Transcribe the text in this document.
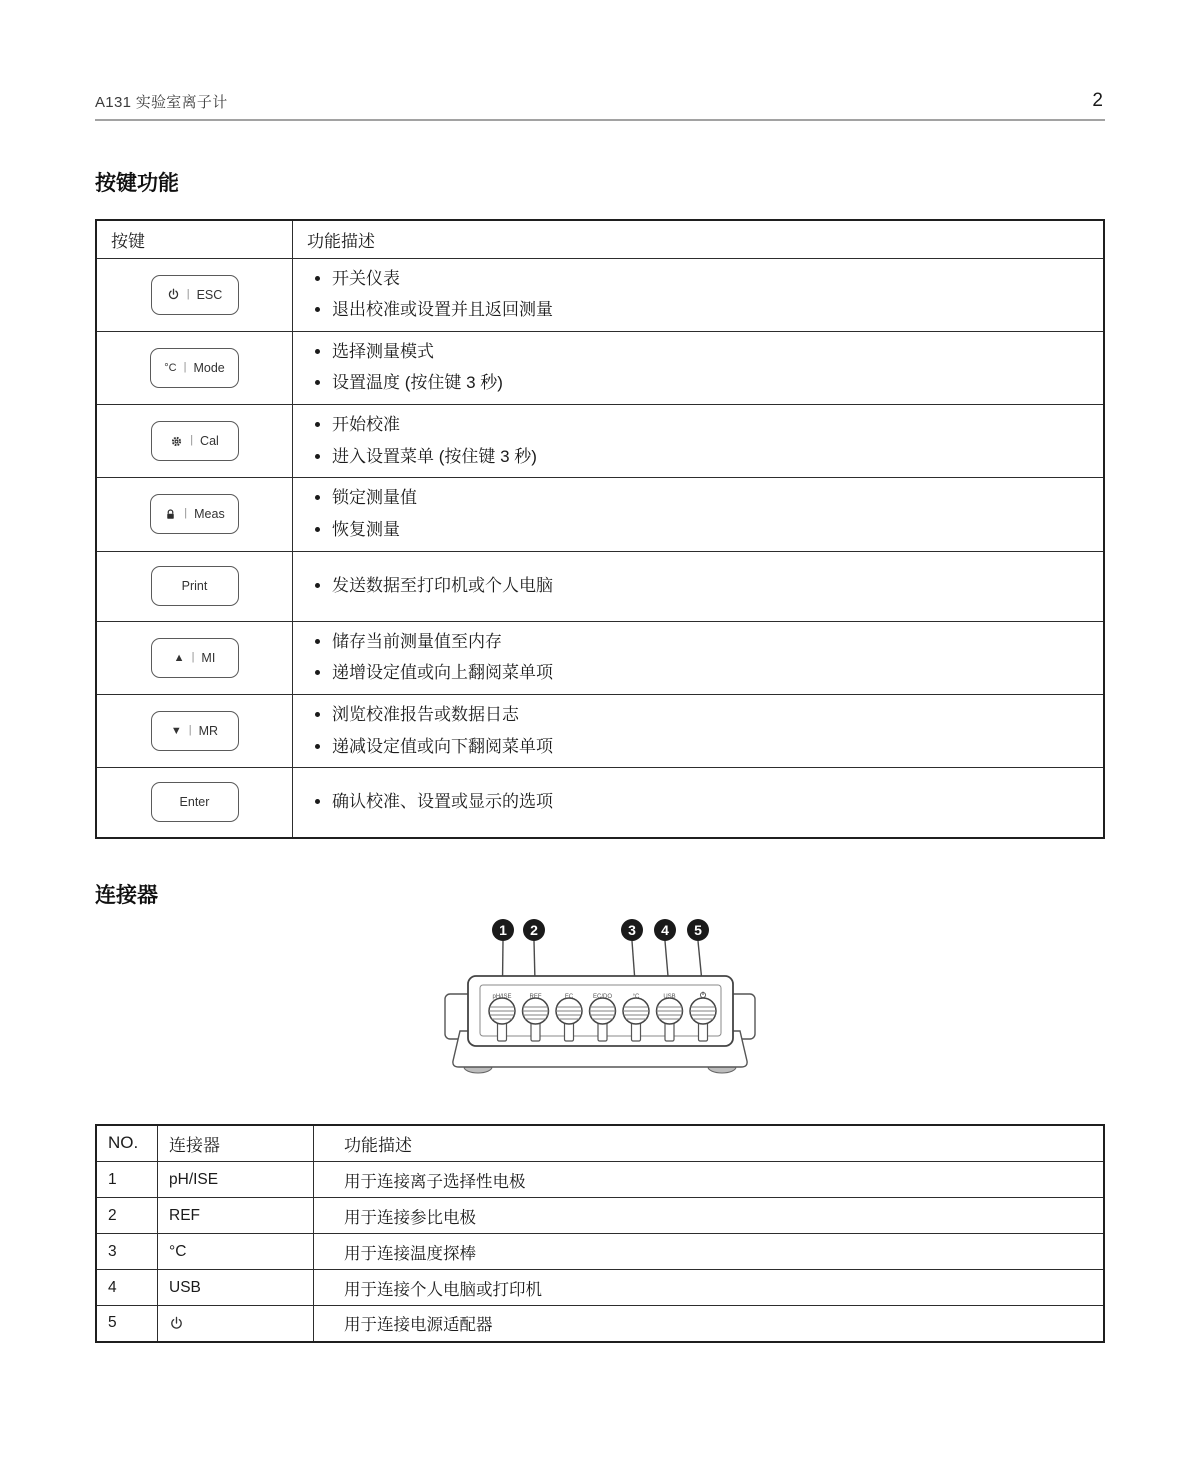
A131 实验室离子计	2
按键功能
按键	功能描述

| ESC

• 开关仪表
• 退出校准或设置并且返回测量

°C | Mode

• 选择测量模式
• 设置温度 (按住键 3 秒)

| Cal

• 开始校准
• 进入设置菜单 (按住键 3 秒)

| Meas

• 锁定测量值
• 恢复测量

Print

•发送数据至打印机或个人电脑

▲ | MI

• 储存当前测量值至内存
• 递增设定值或向上翻阅菜单项

▼ | MR

• 浏览校准报告或数据日志
• 递减设定值或向下翻阅菜单项

Enter

•确认校准、设置或显示的选项
连接器
pH/ISE	REF	EC	EC/DO	°C	USB
1 2	3 4 5
NO.	连接器	功能描述
1	pH/ISE	用于连接离子选择性电极
2	REF	用于连接参比电极
3	°C	用于连接温度探棒
4	USB	用于连接个人电脑或打印机
5		用于连接电源适配器
